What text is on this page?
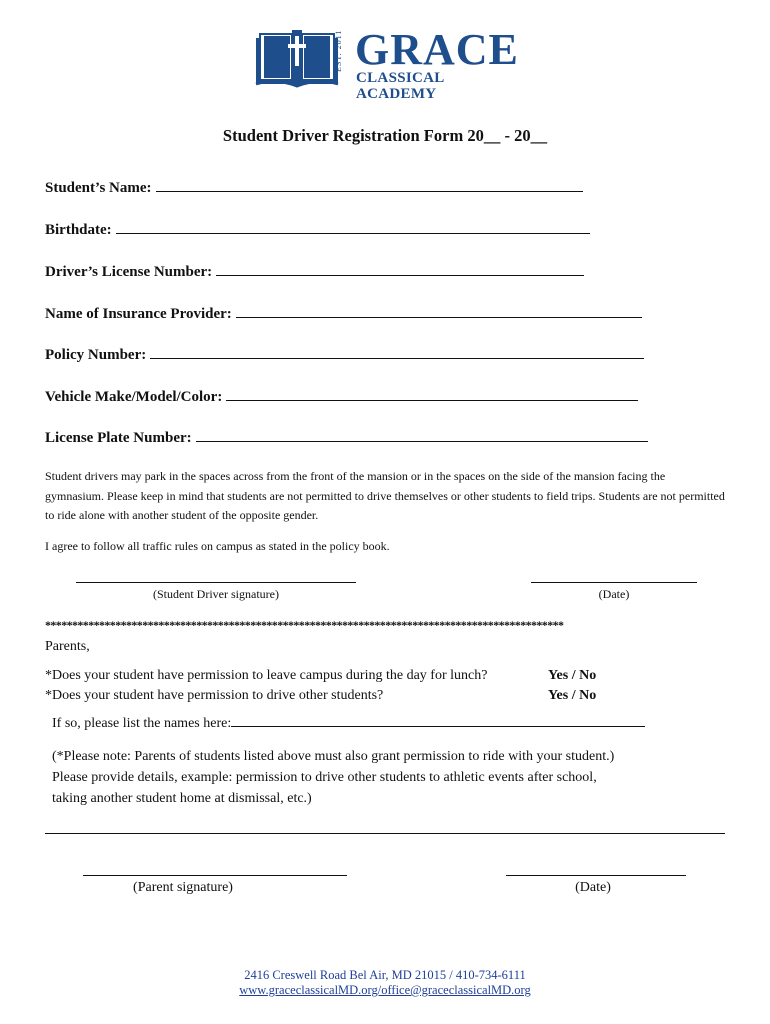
EST. 2011 GRACE
CLASSICAL ACADEMY
Student Driver Registration Form 20__ - 20__
Student’s Name:
Birthdate:
Driver’s License Number:
Name of Insurance Provider:
Policy Number:
Vehicle Make/Model/Color:
License Plate Number:
Student drivers may park in the spaces across from the front of the mansion or in the spaces on the side of the mansion facing the gymnasium. Please keep in mind that students are not permitted to drive themselves or other students to field trips. Students are not permitted to ride alone with another student of the opposite gender.
I agree to follow all traffic rules on campus as stated in the policy book.
(Student Driver signature)	(Date)
************************************************************************************************
Parents,
*Does your student have permission to leave campus during the day for lunch?	Yes / No
*Does your student have permission to drive other students?	Yes / No
If so, please list the names here:
(*Please note: Parents of students listed above must also grant permission to ride with your student.)
Please provide details, example: permission to drive other students to athletic events after school,
taking another student home at dismissal, etc.)
(Parent signature)	(Date)
2416 Creswell Road Bel Air, MD 21015 / 410-734-6111
www.graceclassicalMD.org/office@graceclassicalMD.org
